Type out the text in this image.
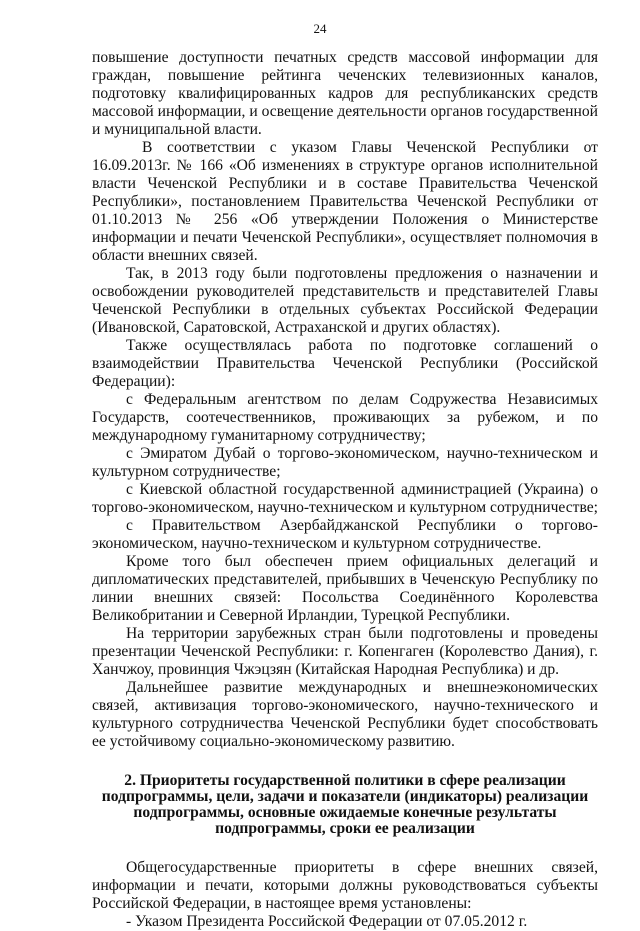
24

повышение доступности печатных средств массовой информации для граждан, повышение рейтинга чеченских телевизионных каналов, подготовку квалифицированных кадров для республиканских средств массовой информации, и освещение деятельности органов государственной и муниципальной власти.

В соответствии с указом Главы Чеченской Республики от 16.09.2013г. № 166 «Об изменениях в структуре органов исполнительной власти Чеченской Республики и в составе Правительства Чеченской Республики», постановлением Правительства Чеченской Республики от 01.10.2013 № 256 «Об утверждении Положения о Министерстве информации и печати Чеченской Республики», осуществляет полномочия в области внешних связей.

Так, в 2013 году были подготовлены предложения о назначении и освобождении руководителей представительств и представителей Главы Чеченской Республики в отдельных субъектах Российской Федерации (Ивановской, Саратовской, Астраханской и других областях).

Также осуществлялась работа по подготовке соглашений о взаимодействии Правительства Чеченской Республики (Российской Федерации):

с Федеральным агентством по делам Содружества Независимых Государств, соотечественников, проживающих за рубежом, и по международному гуманитарному сотрудничеству;

с Эмиратом Дубай о торгово-экономическом, научно-техническом и культурном сотрудничестве;

с Киевской областной государственной администрацией (Украина) о торгово-экономическом, научно-техническом и культурном сотрудничестве;

с Правительством Азербайджанской Республики о торгово-экономическом, научно-техническом и культурном сотрудничестве.

Кроме того был обеспечен прием официальных делегаций и дипломатических представителей, прибывших в Чеченскую Республику по линии внешних связей: Посольства Соединённого Королевства Великобритании и Северной Ирландии, Турецкой Республики.

На территории зарубежных стран были подготовлены и проведены презентации Чеченской Республики: г. Копенгаген (Королевство Дания), г. Ханчжоу, провинция Чжэцзян (Китайская Народная Республика) и др.

Дальнейшее развитие международных и внешнеэкономических связей, активизация торгово-экономического, научно-технического и культурного сотрудничества Чеченской Республики будет способствовать ее устойчивому социально-экономическому развитию.

2. Приоритеты государственной политики в сфере реализации
подпрограммы, цели, задачи и показатели (индикаторы) реализации
подпрограммы, основные ожидаемые конечные результаты
подпрограммы, сроки ее реализации

Общегосударственные приоритеты в сфере внешних связей, информации и печати, которыми должны руководствоваться субъекты Российской Федерации, в настоящее время установлены:

- Указом Президента Российской Федерации от 07.05.2012 г.
